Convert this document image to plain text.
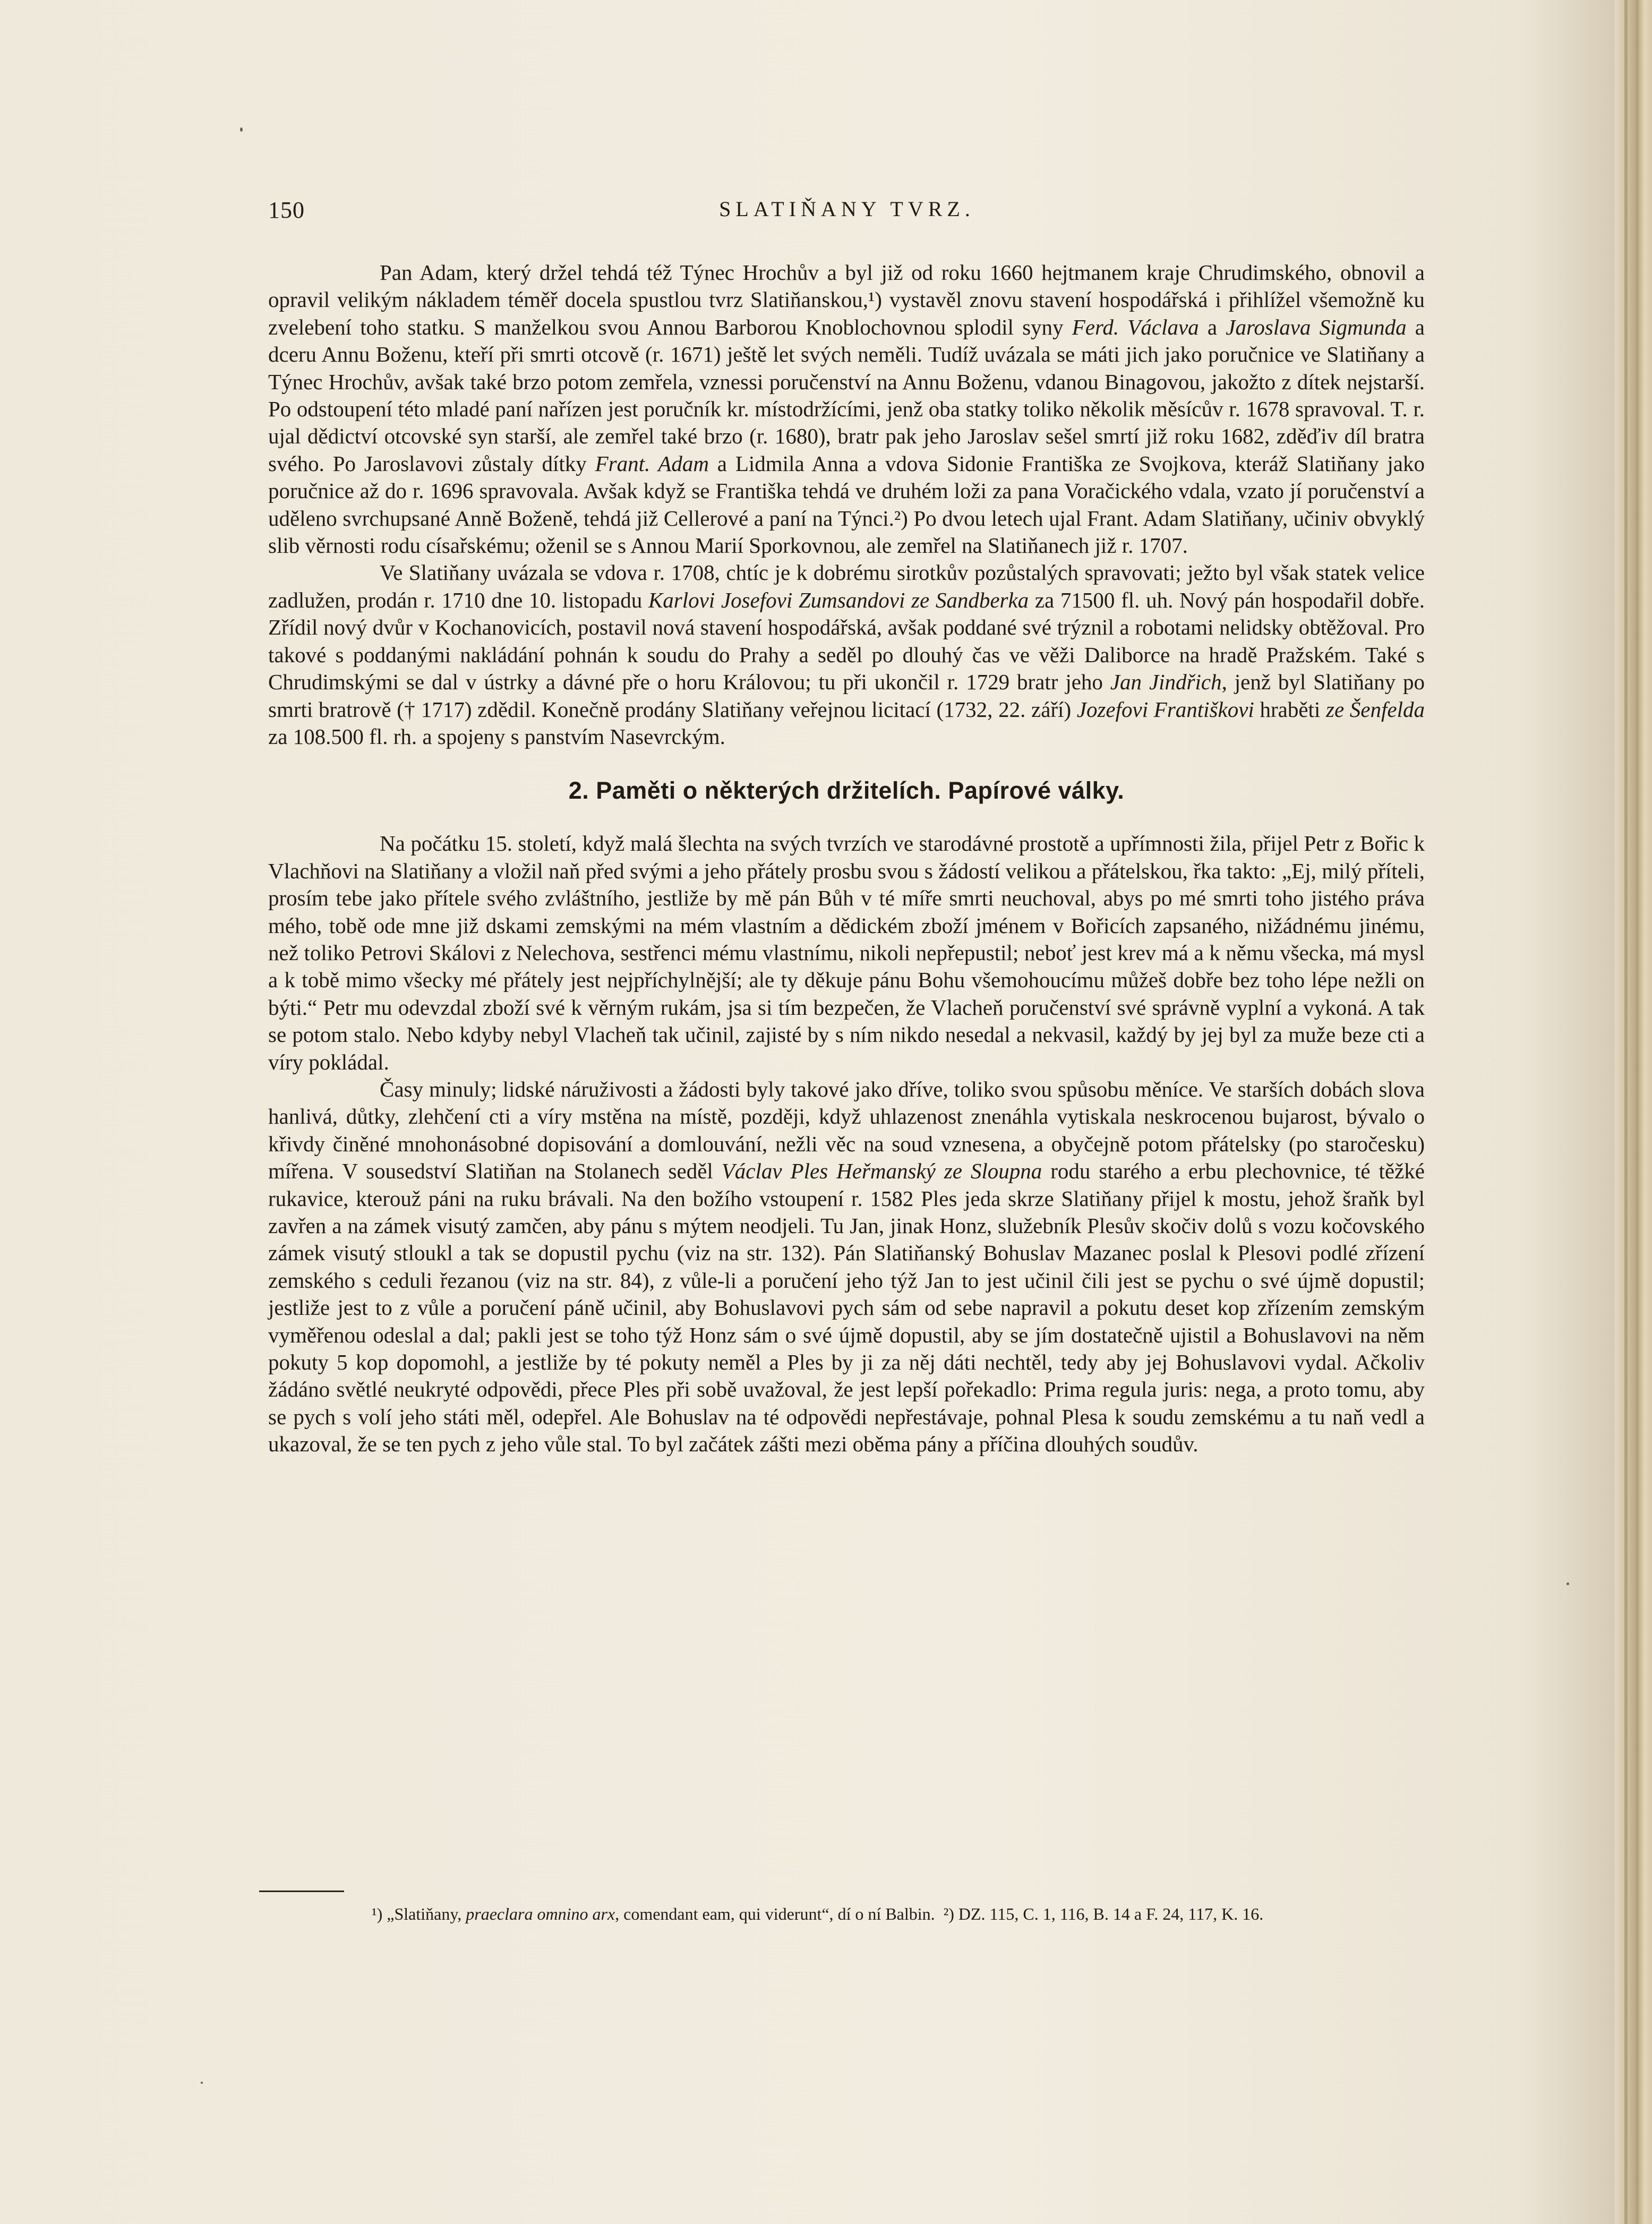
150	SLATIŇANY TVRZ.

Pan Adam, který držel tehdá též Týnec Hrochův a byl již od roku 1660 hejtmanem kraje Chrudimského, obnovil a opravil velikým nákladem téměř docela spustlou tvrz Slatiňanskou,¹) vystavěl znovu stavení hospodářská i přihlížel všemožně ku zvelebení toho statku. S manželkou svou Annou Barborou Knoblochovnou splodil syny Ferd. Václava a Jaroslava Sigmunda a dceru Annu Boženu, kteří při smrti otcově (r. 1671) ještě let svých neměli. Tudíž uvázala se máti jich jako poručnice ve Slatiňany a Týnec Hrochův, avšak také brzo potom zemřela, vznessi poručenství na Annu Boženu, vdanou Binagovou, jakožto z dítek nejstarší. Po odstoupení této mladé paní nařízen jest poručník kr. místodržícími, jenž oba statky toliko několik měsícův r. 1678 spravoval. T. r. ujal dědictví otcovské syn starší, ale zemřel také brzo (r. 1680), bratr pak jeho Jaroslav sešel smrtí již roku 1682, zděďiv díl bratra svého. Po Jaroslavovi zůstaly dítky Frant. Adam a Lidmila Anna a vdova Sidonie Františka ze Svojkova, kteráž Slatiňany jako poručnice až do r. 1696 spravovala. Avšak když se Františka tehdá ve druhém loži za pana Voračického vdala, vzato jí poručenství a uděleno svrchupsané Anně Boženě, tehdá již Cellerové a paní na Týnci.²) Po dvou letech ujal Frant. Adam Slatiňany, učiniv obvyklý slib věrnosti rodu císařskému; oženil se s Annou Marií Sporkovnou, ale zemřel na Slatiňanech již r. 1707.

Ve Slatiňany uvázala se vdova r. 1708, chtíc je k dobrému sirotkův pozůstalých spravovati; ježto byl však statek velice zadlužen, prodán r. 1710 dne 10. listopadu Karlovi Josefovi Zumsandovi ze Sandberka za 71500 fl. uh. Nový pán hospodařil dobře. Zřídil nový dvůr v Kochanovicích, postavil nová stavení hospodářská, avšak poddané své trýznil a robotami nelidsky obtěžoval. Pro takové s poddanými nakládání pohnán k soudu do Prahy a seděl po dlouhý čas ve věži Daliborce na hradě Pražském. Také s Chrudimskými se dal v ústrky a dávné pře o horu Královou; tu při ukončil r. 1729 bratr jeho Jan Jindřich, jenž byl Slatiňany po smrti bratrově († 1717) zdědil. Konečně prodány Slatiňany veřejnou licitací (1732, 22. září) Jozefovi Františkovi hraběti ze Šenfelda za 108.500 fl. rh. a spojeny s panstvím Nasevrckým.

2. Paměti o některých držitelích. Papírové války.

Na počátku 15. století, když malá šlechta na svých tvrzích ve starodávné prostotě a upřímnosti žila, přijel Petr z Bořic k Vlachňovi na Slatiňany a vložil naň před svými a jeho přátely prosbu svou s žádostí velikou a přátelskou, řka takto: „Ej, milý příteli, prosím tebe jako přítele svého zvláštního, jestliže by mě pán Bůh v té míře smrti neuchoval, abys po mé smrti toho jistého práva mého, tobě ode mne již dskami zemskými na mém vlastním a dědickém zboží jménem v Bořicích zapsaného, nižádnému jinému, než toliko Petrovi Skálovi z Nelechova, sestřenci mému vlastnímu, nikoli nepřepustil; neboť jest krev má a k němu všecka, má mysl a k tobě mimo všecky mé přátely jest nejpříchylnější; ale ty děkuje pánu Bohu všemohoucímu můžeš dobře bez toho lépe nežli on býti.“ Petr mu odevzdal zboží své k věrným rukám, jsa si tím bezpečen, že Vlacheň poručenství své správně vyplní a vykoná. A tak se potom stalo. Nebo kdyby nebyl Vlacheň tak učinil, zajisté by s ním nikdo nesedal a nekvasil, každý by jej byl za muže beze cti a víry pokládal.

Časy minuly; lidské náruživosti a žádosti byly takové jako dříve, toliko svou spůsobu měníce. Ve starších dobách slova hanlivá, důtky, zlehčení cti a víry mstěna na místě, později, když uhlazenost znenáhla vytiskala neskrocenou bujarost, bývalo o křivdy činěné mnohonásobné dopisování a domlouvání, nežli věc na soud vznesena, a obyčejně potom přátelsky (po staročesku) mířena. V sousedství Slatiňan na Stolanech seděl Václav Ples Heřmanský ze Sloupna rodu starého a erbu plechovnice, té těžké rukavice, kterouž páni na ruku brávali. Na den božího vstoupení r. 1582 Ples jeda skrze Slatiňany přijel k mostu, jehož šraňk byl zavřen a na zámek visutý zamčen, aby pánu s mýtem neodjeli. Tu Jan, jinak Honz, služebník Plesův skočiv dolů s vozu kočovského zámek visutý stloukl a tak se dopustil pychu (viz na str. 132). Pán Slatiňanský Bohuslav Mazanec poslal k Plesovi podlé zřízení zemského s ceduli řezanou (viz na str. 84), z vůle-li a poručení jeho týž Jan to jest učinil čili jest se pychu o své újmě dopustil; jestliže jest to z vůle a poručení páně učinil, aby Bohuslavovi pych sám od sebe napravil a pokutu deset kop zřízením zemským vyměřenou odeslal a dal; pakli jest se toho týž Honz sám o své újmě dopustil, aby se jím dostatečně ujistil a Bohuslavovi na něm pokuty 5 kop dopomohl, a jestliže by té pokuty neměl a Ples by ji za něj dáti nechtěl, tedy aby jej Bohuslavovi vydal. Ačkoliv žádáno světlé neukryté odpovědi, přece Ples při sobě uvažoval, že jest lepší pořekadlo: Prima regula juris: nega, a proto tomu, aby se pych s volí jeho státi měl, odepřel. Ale Bohuslav na té odpovědi nepřestávaje, pohnal Plesa k soudu zemskému a tu naň vedl a ukazoval, že se ten pych z jeho vůle stal. To byl začátek zášti mezi oběma pány a příčina dlouhých soudův.

¹) „Slatiňany, praeclara omnino arx, comendant eam, qui viderunt“, dí o ní Balbin. ²) DZ. 115, C. 1, 116, B. 14 a F. 24, 117, K. 16.
